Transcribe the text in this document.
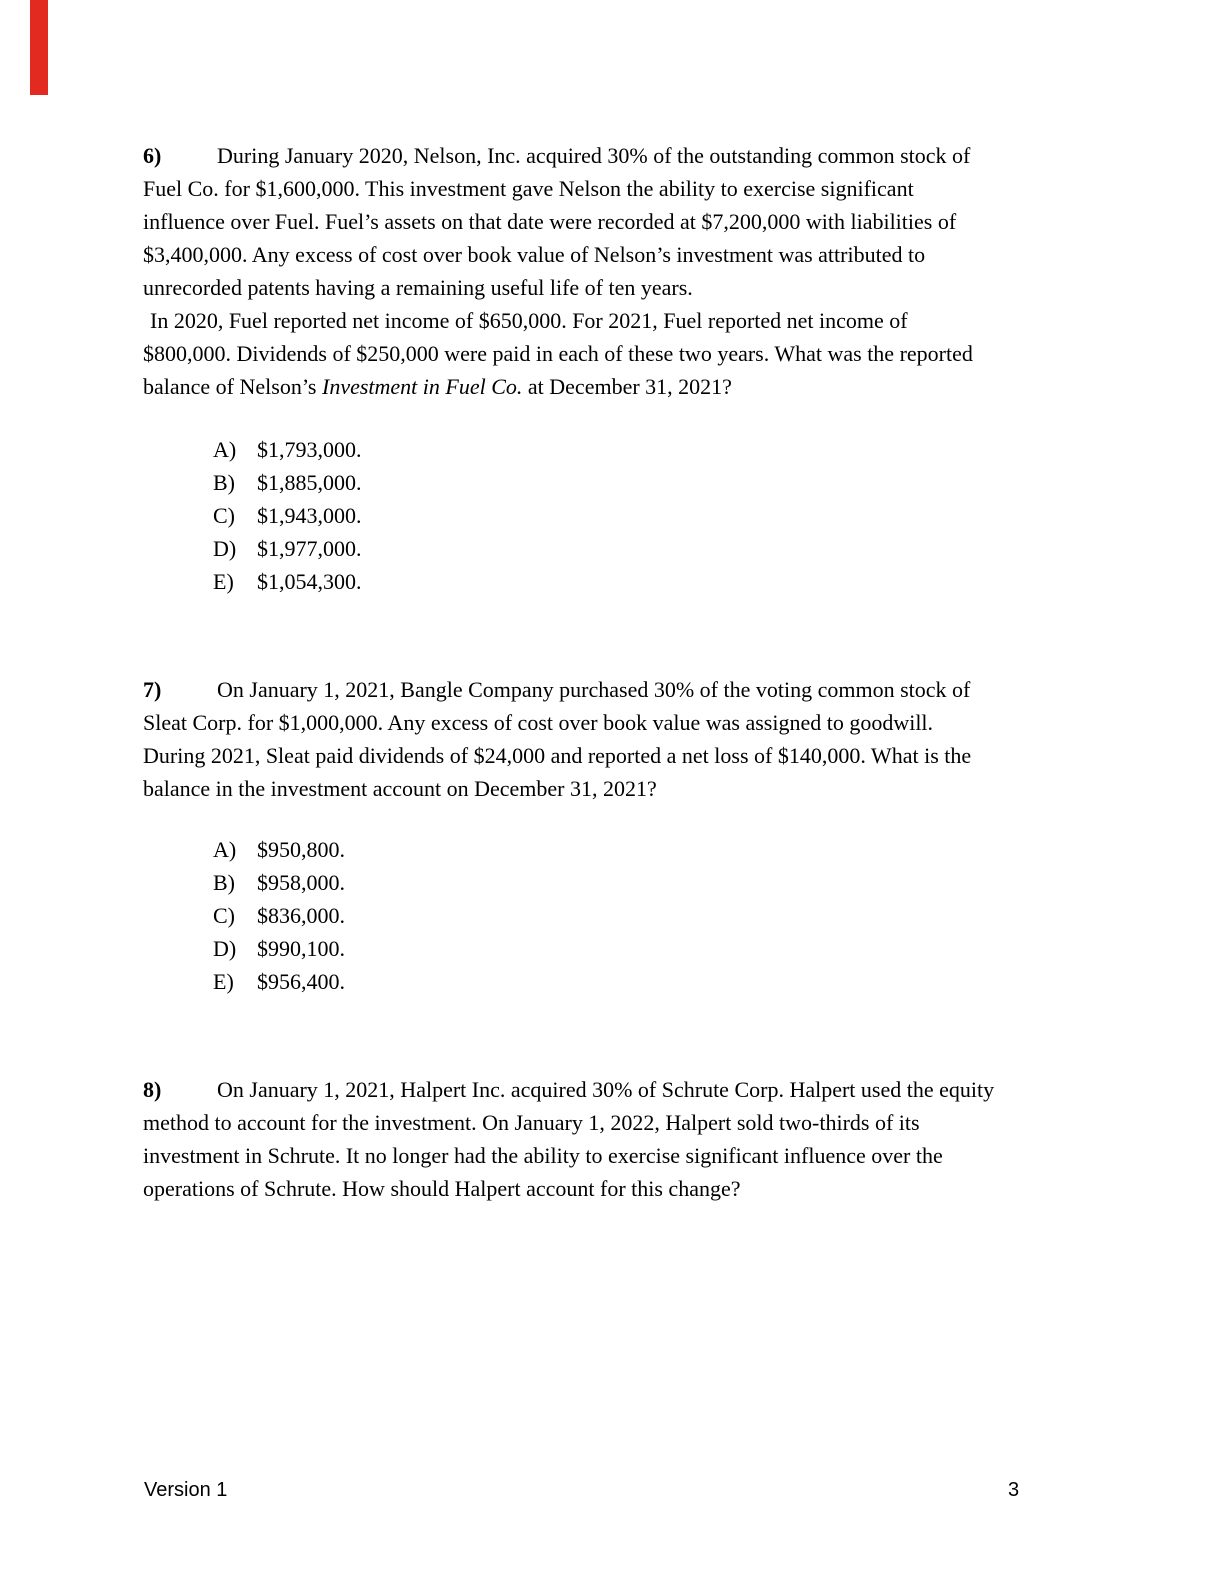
6)	During January 2020, Nelson, Inc. acquired 30% of the outstanding common stock of
Fuel Co. for $1,600,000. This investment gave Nelson the ability to exercise significant
influence over Fuel. Fuel’s assets on that date were recorded at $7,200,000 with liabilities of
$3,400,000. Any excess of cost over book value of Nelson’s investment was attributed to
unrecorded patents having a remaining useful life of ten years.
In 2020, Fuel reported net income of $650,000. For 2021, Fuel reported net income of
$800,000. Dividends of $250,000 were paid in each of these two years. What was the reported
balance of Nelson’s Investment in Fuel Co. at December 31, 2021?
A) $1,793,000.
B) $1,885,000.
C) $1,943,000.
D) $1,977,000.
E) $1,054,300.
7)	On January 1, 2021, Bangle Company purchased 30% of the voting common stock of
Sleat Corp. for $1,000,000. Any excess of cost over book value was assigned to goodwill.
During 2021, Sleat paid dividends of $24,000 and reported a net loss of $140,000. What is the
balance in the investment account on December 31, 2021?
A) $950,800.
B) $958,000.
C) $836,000.
D) $990,100.
E) $956,400.
8)	On January 1, 2021, Halpert Inc. acquired 30% of Schrute Corp. Halpert used the equity
method to account for the investment. On January 1, 2022, Halpert sold two-thirds of its
investment in Schrute. It no longer had the ability to exercise significant influence over the
operations of Schrute. How should Halpert account for this change?
Version 1	3
